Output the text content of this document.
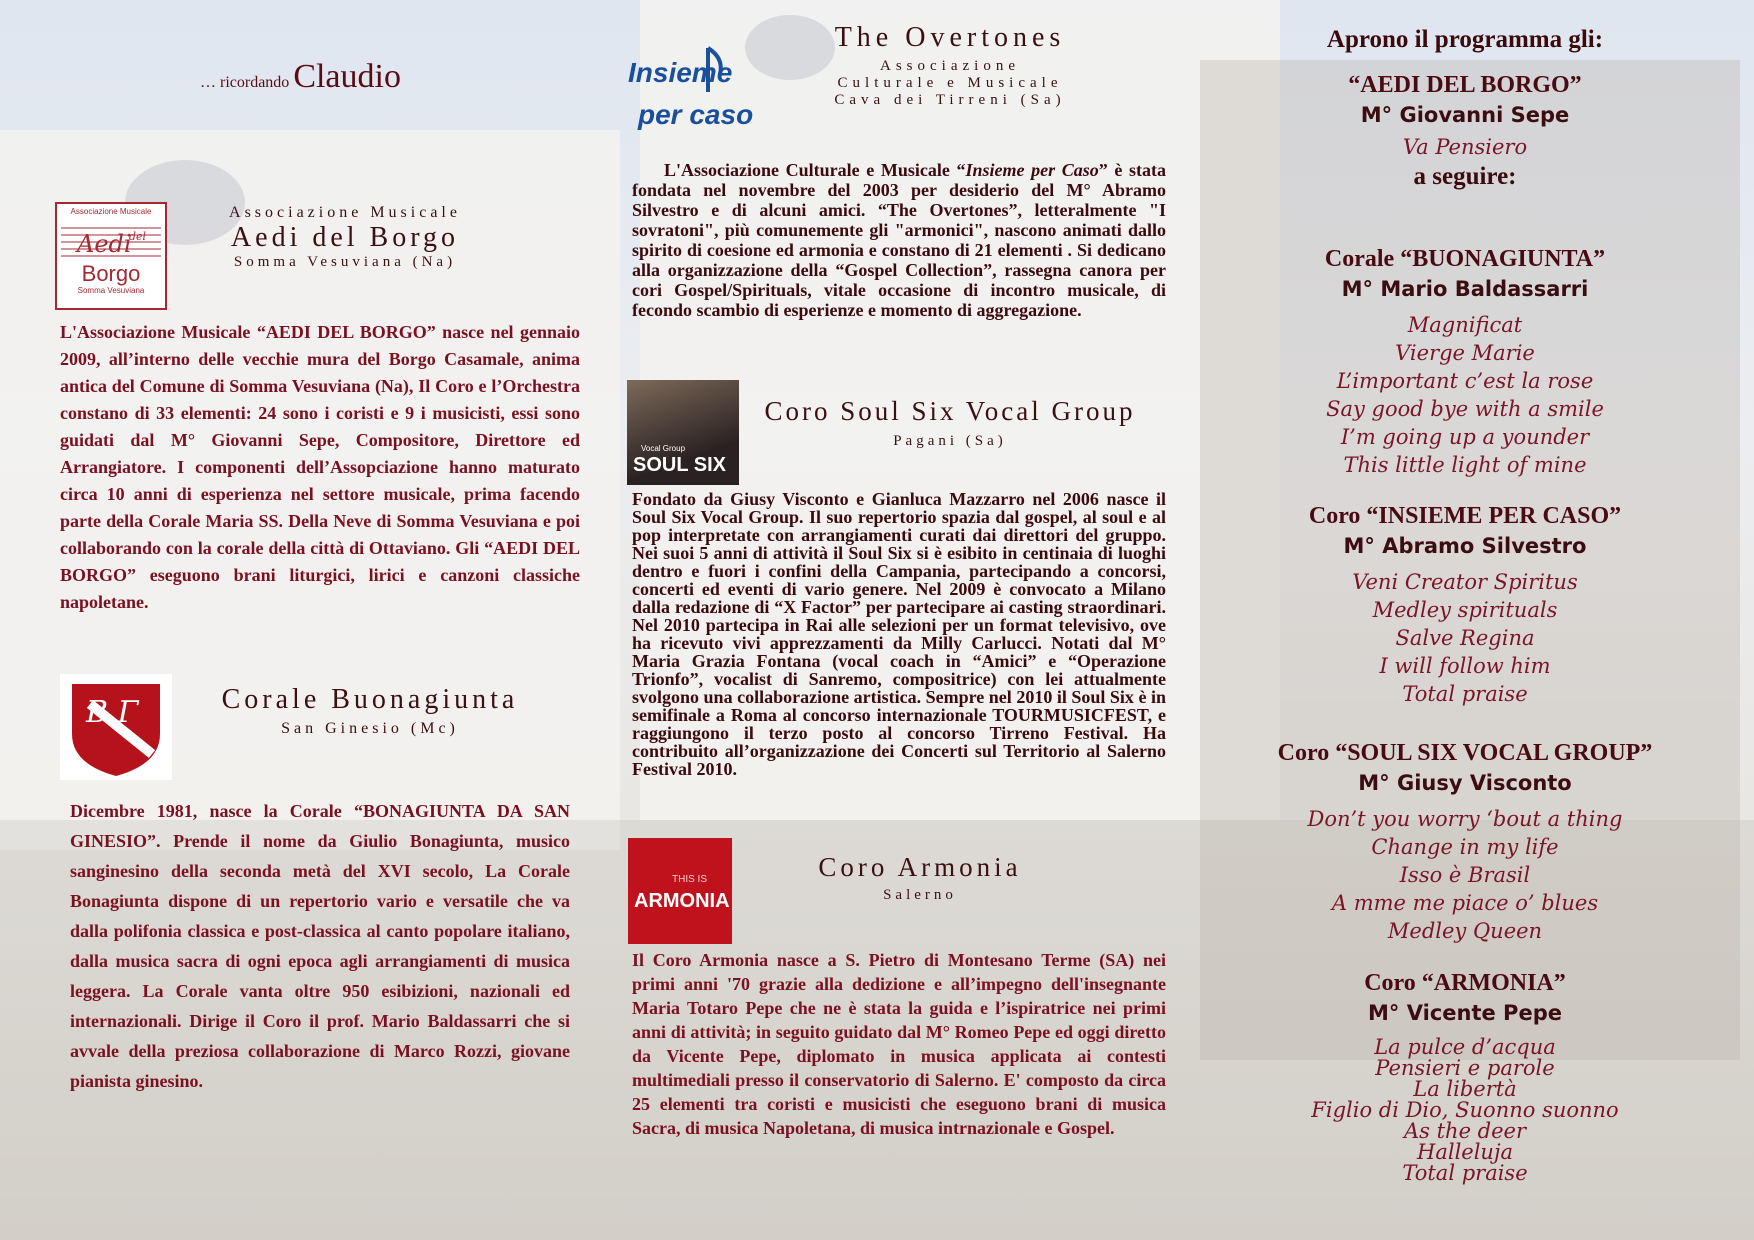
… ricordando Claudio
Associazione Musicale
Aedi
del
Borgo
Somma Vesuviana
Associazione Musicale
Aedi del Borgo
Somma Vesuviana (Na)
L'Associazione Musicale “AEDI DEL BORGO” nasce nel gennaio 2009, all’interno delle vecchie mura del Borgo Casamale, anima antica del Comune di Somma Vesuviana (Na), Il Coro e l’Orchestra constano di 33 elementi: 24 sono i coristi e 9 i musicisti, essi sono guidati dal M° Giovanni Sepe, Compositore, Direttore ed Arrangiatore. I componenti dell’Assopciazione hanno maturato circa 10 anni di esperienza nel settore musicale, prima facendo parte della Corale Maria SS. Della Neve di Somma Vesuviana e poi collaborando con la corale della città di Ottaviano. Gli “AEDI DEL BORGO” eseguono brani liturgici, lirici e canzoni classiche napoletane.
B Γ	Corale Buonagiunta
San Ginesio (Mc)
Dicembre 1981, nasce la Corale “BONAGIUNTA DA SAN GINESIO”. Prende il nome da Giulio Bonagiunta, musico sanginesino della seconda metà del XVI secolo, La Corale Bonagiunta dispone di un repertorio vario e versatile che va dalla polifonia classica e post-classica al canto popolare italiano, dalla musica sacra di ogni epoca agli arrangiamenti di musica leggera. La Corale vanta oltre 950 esibizioni, nazionali ed internazionali. Dirige il Coro il prof. Mario Baldassarri che si avvale della preziosa collaborazione di Marco Rozzi, giovane pianista ginesino.
Insieme
per caso
The Overtones
Associazione
Culturale e Musicale
Cava dei Tirreni (Sa)
L'Associazione Culturale e Musicale “Insieme per Caso” è stata fondata nel novembre del 2003 per desiderio del M° Abramo Silvestro e di alcuni amici. “The Overtones”, letteralmente "I sovratoni", più comunemente gli "armonici", nascono animati dallo spirito di coesione ed armonia e constano di 21 elementi . Si dedicano alla organizzazione della “Gospel Collection”, rassegna canora per cori Gospel/Spirituals, vitale occasione di incontro musicale, di fecondo scambio di esperienze e momento di aggregazione.
Vocal Group
SOUL SIX
Coro Soul Six Vocal Group
Pagani (Sa)
Fondato da Giusy Visconto e Gianluca Mazzarro nel 2006 nasce il Soul Six Vocal Group. Il suo repertorio spazia dal gospel, al soul e al pop interpretate con arrangiamenti curati dai direttori del gruppo. Nei suoi 5 anni di attività il Soul Six si è esibito in centinaia di luoghi dentro e fuori i confini della Campania, partecipando a concorsi, concerti ed eventi di vario genere. Nel 2009 è convocato a Milano dalla redazione di “X Factor” per partecipare ai casting straordinari. Nel 2010 partecipa in Rai alle selezioni per un format televisivo, ove ha ricevuto vivi apprezzamenti da Milly Carlucci. Notati dal M° Maria Grazia Fontana (vocal coach in “Amici” e “Operazione Trionfo”, vocalist di Sanremo, compositrice) con lei attualmente svolgono una collaborazione artistica. Sempre nel 2010 il Soul Six è in semifinale a Roma al concorso internazionale TOURMUSICFEST, e raggiungono il terzo posto al concorso Tirreno Festival. Ha contribuito all’organizzazione dei Concerti sul Territorio al Salerno Festival 2010.
THIS IS
ARMONIA
Coro Armonia
Salerno
Il Coro Armonia nasce a S. Pietro di Montesano Terme (SA) nei primi anni '70 grazie alla dedizione e all’impegno dell'insegnante Maria Totaro Pepe che ne è stata la guida e l’ispiratrice nei primi anni di attività; in seguito guidato dal M° Romeo Pepe ed oggi diretto da Vicente Pepe, diplomato in musica applicata ai contesti multimediali presso il conservatorio di Salerno. E' composto da circa 25 elementi tra coristi e musicisti che eseguono brani di musica Sacra, di musica Napoletana, di musica intrnazionale e Gospel.
Aprono il programma gli:
“AEDI DEL BORGO”
M° Giovanni Sepe
Va Pensiero
a seguire:
Corale “BUONAGIUNTA”
M° Mario Baldassarri
Magnificat
Vierge Marie
L’important c’est la rose
Say good bye with a smile
I’m going up a younder
This little light of mine
Coro “INSIEME PER CASO”
M° Abramo Silvestro
Veni Creator Spiritus
Medley spirituals
Salve Regina
I will follow him
Total praise
Coro “SOUL SIX VOCAL GROUP”
M° Giusy Visconto
Don’t you worry ‘bout a thing
Change in my life
Isso è Brasil
A mme me piace o’ blues
Medley Queen
Coro “ARMONIA”
M° Vicente Pepe
La pulce d’acqua
Pensieri e parole
La libertà
Figlio di Dio, Suonno suonno
As the deer
Halleluja
Total praise
